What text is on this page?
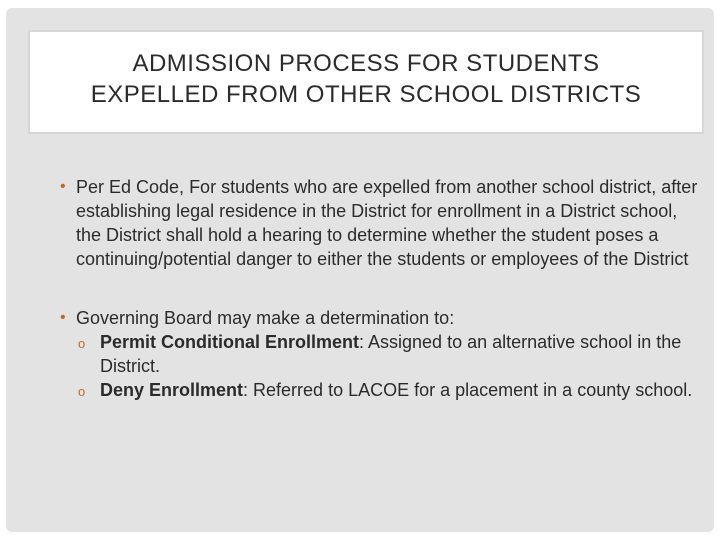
ADMISSION PROCESS FOR STUDENTS
EXPELLED FROM OTHER SCHOOL DISTRICTS
• Per Ed Code, For students who are expelled from another school district, after establishing legal residence in the District for enrollment in a District school, the District shall hold a hearing to determine whether the student poses a continuing/potential danger to either the students or employees of the District
• Governing Board may make a determination to:
o Permit Conditional Enrollment: Assigned to an alternative school in the District.
o Deny Enrollment: Referred to LACOE for a placement in a county school.
